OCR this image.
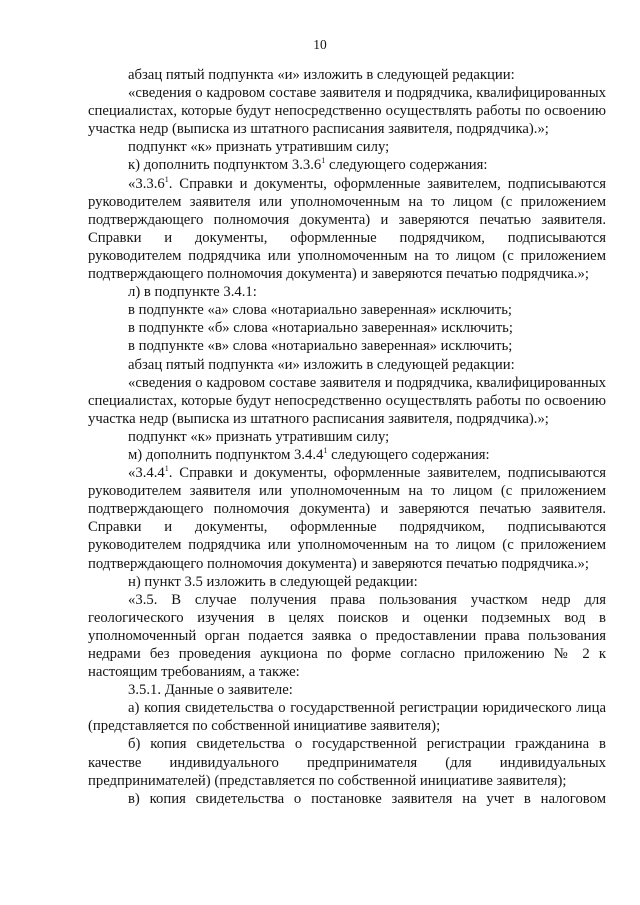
10

абзац пятый подпункта «и» изложить в следующей редакции:

«сведения о кадровом составе заявителя и подрядчика, квалифицированных специалистах, которые будут непосредственно осуществлять работы по освоению участка недр (выписка из штатного расписания заявителя, подрядчика).»;

подпункт «к» признать утратившим силу;

к) дополнить подпунктом 3.3.6$^1$ следующего содержания:

«3.3.6$^1$. Справки и документы, оформленные заявителем, подписываются руководителем заявителя или уполномоченным на то лицом (с приложением подтверждающего полномочия документа) и заверяются печатью заявителя. Справки и документы, оформленные подрядчиком, подписываются руководителем подрядчика или уполномоченным на то лицом (с приложением подтверждающего полномочия документа) и заверяются печатью подрядчика.»;

л) в подпункте 3.4.1:

в подпункте «а» слова «нотариально заверенная» исключить;

в подпункте «б» слова «нотариально заверенная» исключить;

в подпункте «в» слова «нотариально заверенная» исключить;

абзац пятый подпункта «и» изложить в следующей редакции:

«сведения о кадровом составе заявителя и подрядчика, квалифицированных специалистах, которые будут непосредственно осуществлять работы по освоению участка недр (выписка из штатного расписания заявителя, подрядчика).»;

подпункт «к» признать утратившим силу;

м) дополнить подпунктом 3.4.4$^1$ следующего содержания:

«3.4.4$^1$. Справки и документы, оформленные заявителем, подписываются руководителем заявителя или уполномоченным на то лицом (с приложением подтверждающего полномочия документа) и заверяются печатью заявителя. Справки и документы, оформленные подрядчиком, подписываются руководителем подрядчика или уполномоченным на то лицом (с приложением подтверждающего полномочия документа) и заверяются печатью подрядчика.»;

н) пункт 3.5 изложить в следующей редакции:

«3.5. В случае получения права пользования участком недр для геологического изучения в целях поисков и оценки подземных вод в уполномоченный орган подается заявка о предоставлении права пользования недрами без проведения аукциона по форме согласно приложению № 2 к настоящим требованиям, а также:

3.5.1. Данные о заявителе:

а) копия свидетельства о государственной регистрации юридического лица (представляется по собственной инициативе заявителя);

б) копия свидетельства о государственной регистрации гражданина в качестве индивидуального предпринимателя (для индивидуальных предпринимателей) (представляется по собственной инициативе заявителя);

в) копия свидетельства о постановке заявителя на учет в налоговом
